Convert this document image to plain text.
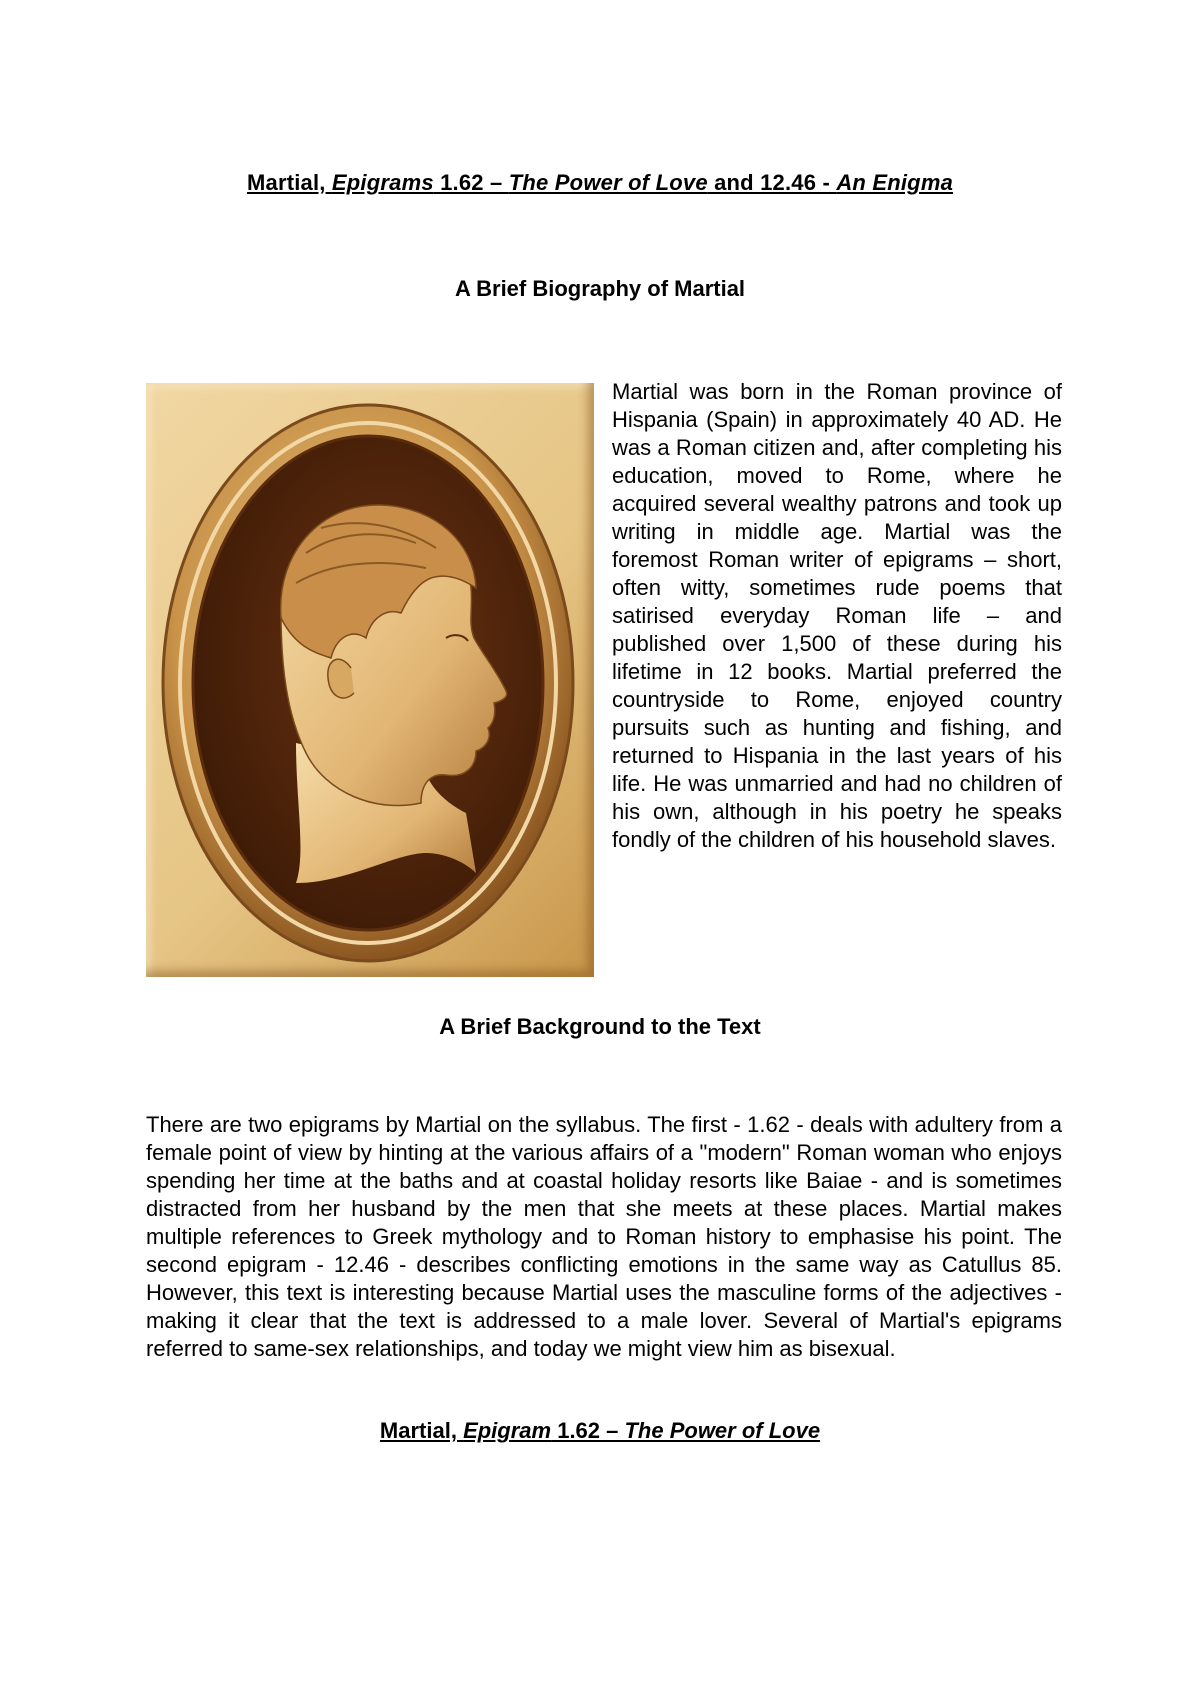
Martial, Epigrams 1.62 – The Power of Love and 12.46 - An Enigma
A Brief Biography of Martial
Martial was born in the Roman province of Hispania (Spain) in approximately 40 AD. He was a Roman citizen and, after completing his education, moved to Rome, where he acquired several wealthy patrons and took up writing in middle age. Martial was the foremost Roman writer of epigrams – short, often witty, sometimes rude poems that satirised everyday Roman life – and published over 1,500 of these during his lifetime in 12 books. Martial preferred the countryside to Rome, enjoyed country pursuits such as hunting and fishing, and returned to Hispania in the last years of his life. He was unmarried and had no children of his own, although in his poetry he speaks fondly of the children of his household slaves.
A Brief Background to the Text
There are two epigrams by Martial on the syllabus. The first - 1.62 - deals with adultery from a female point of view by hinting at the various affairs of a "modern" Roman woman who enjoys spending her time at the baths and at coastal holiday resorts like Baiae - and is sometimes distracted from her husband by the men that she meets at these places. Martial makes multiple references to Greek mythology and to Roman history to emphasise his point. The second epigram - 12.46 - describes conflicting emotions in the same way as Catullus 85. However, this text is interesting because Martial uses the masculine forms of the adjectives - making it clear that the text is addressed to a male lover. Several of Martial's epigrams referred to same-sex relationships, and today we might view him as bisexual.
Martial, Epigram 1.62 – The Power of Love
